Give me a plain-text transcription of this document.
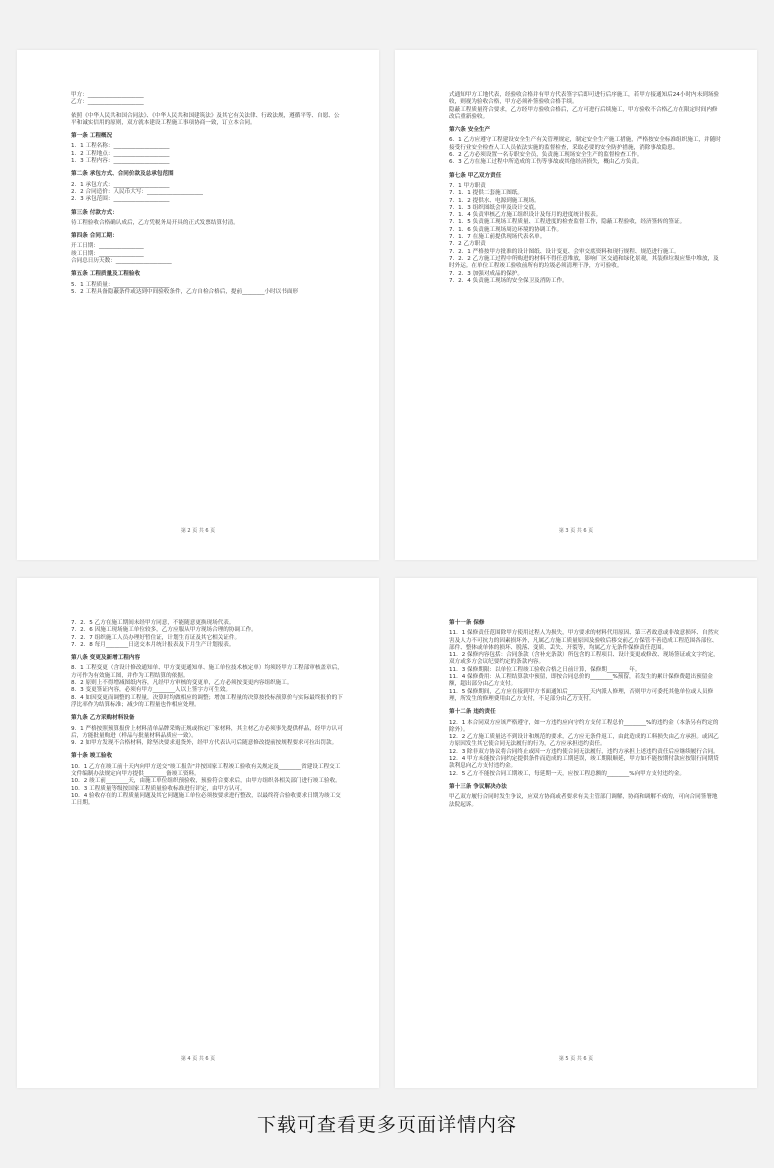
甲方：____________________

乙方：____________________

依照《中华人民共和国合同法》、《中华人民共和国建筑法》及其它有关法律、行政法规，遵循平等、自愿、公平和诚实信用的原则，双方就本建设工程施工事项协商一致，订立本合同。

第一条 工程概况

1．1 工程名称：____________________

1．2 工程地点：____________________

1．3 工程内容：____________________

第二条 承包方式、合同价款及总承包范围

2．1 承包方式：____________________

2．2 合同造价：人民币大写：____________________

2．3 承包范围：____________________

第三条 付款方式：

待工程验收合格确认成后，乙方凭税务局开具的正式发票结算付清。

第四条 合同工期：

开工日期：________________

竣工日期：________________

合同总日历天数：____________________

第五条 工程质量及工程验收

5．1 工程质量：____________________

5．2 工程具备隐蔽条件或达到中间验收条件，乙方自检合格后，提前________小时以书面形

第 2 页 共 6 页

式通知甲方工地代表，经验收合格并有甲方代表签字后即可进行后序施工，若甲方接通知后24小时内未到场验收，则视为验收合格，甲方必须补签验收合格手续。

隐蔽工程质量符合要求，乙方经甲方验收合格后，乙方可进行后续施工，甲方验收不合格乙方在限定时间内修改后重新验收。

第六条 安全生产

6．1 乙方应遵守工程建设安全生产有关管理规定，制定安全生产施工措施，严格按安全标准组织施工，并随时接受行业安全检查人工人员依法实施的监督检查，采取必要的安全防护措施，消除事故隐患。

6．2 乙方必须设置一名专职安全员，负责施工现场安全生产的监督检查工作。

6．3 乙方在施工过程中所造成的工伤等事故或其他经济损失，概由乙方负责。

第七条 甲乙双方责任

7．1 甲方职责

7．1．1 提供二套施工图纸。

7．1．2 提供水、电源到施工现场。

7．1．3 组织图纸会审及设计交底。

7．1．4 负责审核乙方施工组织设计及每月的进度统计报表。

7．1．5 负责施工现场工程质量、工程进度的检查监督工作，隐蔽工程验收，经济签转的签证。

7．1．6 负责施工现场周边环境的协调工作。

7．1．7 在施工前提供现场代表名单。

7．2 乙方职责

7．2．1 严格按甲方批准的设计图纸、设计变更、会审交底资料和现行规程、规范进行施工。

7．2．2 乙方施工过程中所购进的材料不得任意堆放，影响厂区交通和绿化景观，其装修垃圾应集中堆放，及时外运。在单位工程竣工验收前所有的垃圾必须清理干净，方可验收。

7．2．3 加强对成品的保护。

7．2．4 负责施工现场的安全保卫及消防工作。

第 3 页 共 6 页

7．2．5 乙方在施工期间未经甲方同意，不能随意更换现场代表。

7．2．6 因施工现场施工单位较多，乙方应服从甲方现场合理的协调工作。

7．2．7 组织施工人员办理好暂住证，计划生育证及其它相关证件。

7．2．8 每月________日送交本月统计报表及下月生产计划报表。

第八条 变更及新增工程内容

8．1 工程变更（含设计修改通知单、甲方变更通知单、施工单位技术核定单）均须经甲方工程部审核盖章后，方可作为有效施工图，并作为工程结算的依据。

8．2 原则上不得增减图纸内容，凡经甲方审核的变更单，乙方必须按变更内容组织施工。

8．3 变更签证内容，必须有甲方________人以上签字方可生效。

8．4 如因变更而调整的工程量，决算时均做相应的调整；增加工程量的决算按投标预算价与实际最终报价的下浮比率作为结算标准；减少的工程量也作相应处理。

第九条 乙方采购材料设备

9．1 严格按照预算报价上材料清单品牌采购正规或指定厂家材料，其主材乙方必须事先提供样品，经甲方认可后，方能批量购进（样品与批量材料品质应一致）。

9．2 如甲方发现不合格材料，除坚决要求退货外，经甲方代表认可后随意修改提前按规程要求可拉出罚款。

第十条 竣工验收

10．1 乙方在竣工前十天内向甲方送交"竣工报告"并按国家工程竣工验收有关规定及________省建设工程交工文件编制办法规定向甲方提供________备竣工资料。

10．2 竣工前________天，由施工单位组织预验收，预验符合要求后，由甲方组织各相关部门进行竣工验收。

10．3 工程质量等级按国家工程质量验收标准进行评定，由甲方认可。

10．4 验收存在的工程质量问题及其它问题施工单位必须按要求进行整改，以最终符合验收要求日期为竣工交工日期。

第 4 页 共 6 页

第十一条 保修

11．1 保修责任范围除甲方使用过程人为损失，甲方要求的材料代用原因、第三者故意或非故意损坏、自然灾害及人力不可抗力的因素损坏外，凡属乙方施工质量原因及验收后移交前乙方保管不善造成工程范围各部位、部件、整体或单体的损坏、脱落、变质、丢失、开裂等，均属乙方无条件保修责任范围。

11．2 保修内容包括：合同条款（含补充条款）所包含的工程项目、设计变更或修改、现场签证或文字约定，双方或多方会议纪要约定的条款内容。

11．3 保修期限：以单位工程竣工验收合格之日前计算，保修期________年。

11．4 保修费用：从工程结算款中预留，即按合同总价的________%预留，若发生的累计保修费超出预留金额，超出部分由乙方支付。

11．5 保修期间，乙方应在接到甲方书面通知后________天内派人修理，否则甲方可委托其他单位或人员修理，所发生的修理费用由乙方支付，不足部分由乙方支付。

第十二条 违约责任

12．1 本合同双方应该严格遵守，如一方违约应向守约方支付工程总价________%的违约金（本条另有约定的除外）。

12．2 乙方施工质量达不到设计和规范的要求，乙方应无条件返工，由此造成的工料损失由乙方承担。或因乙方原因发生其它使合同无法履行的行为，乙方应承担违约责任。

12．3 除非双方协议将合同终止或因一方违约使合同无法履行，违约方承担上述违约责任后应继续履行合同。

12．4 甲方未能按合同约定提供条件而造成的工期延误，竣工期限顺延，甲方如不能按期付款应按银行同期贷款利息向乙方支付违约金。

12．5 乙方不能按合同工期竣工，每延期一天，应按工程总额的________%向甲方支付违约金。

第十三条 争议解决办法

甲乙双方履行合同时发生争议，应双方协商或者要求有关主管部门调解，协商和调解不成的，可向合同签署地法院起诉。

第 5 页 共 6 页
下载可查看更多页面详情内容
